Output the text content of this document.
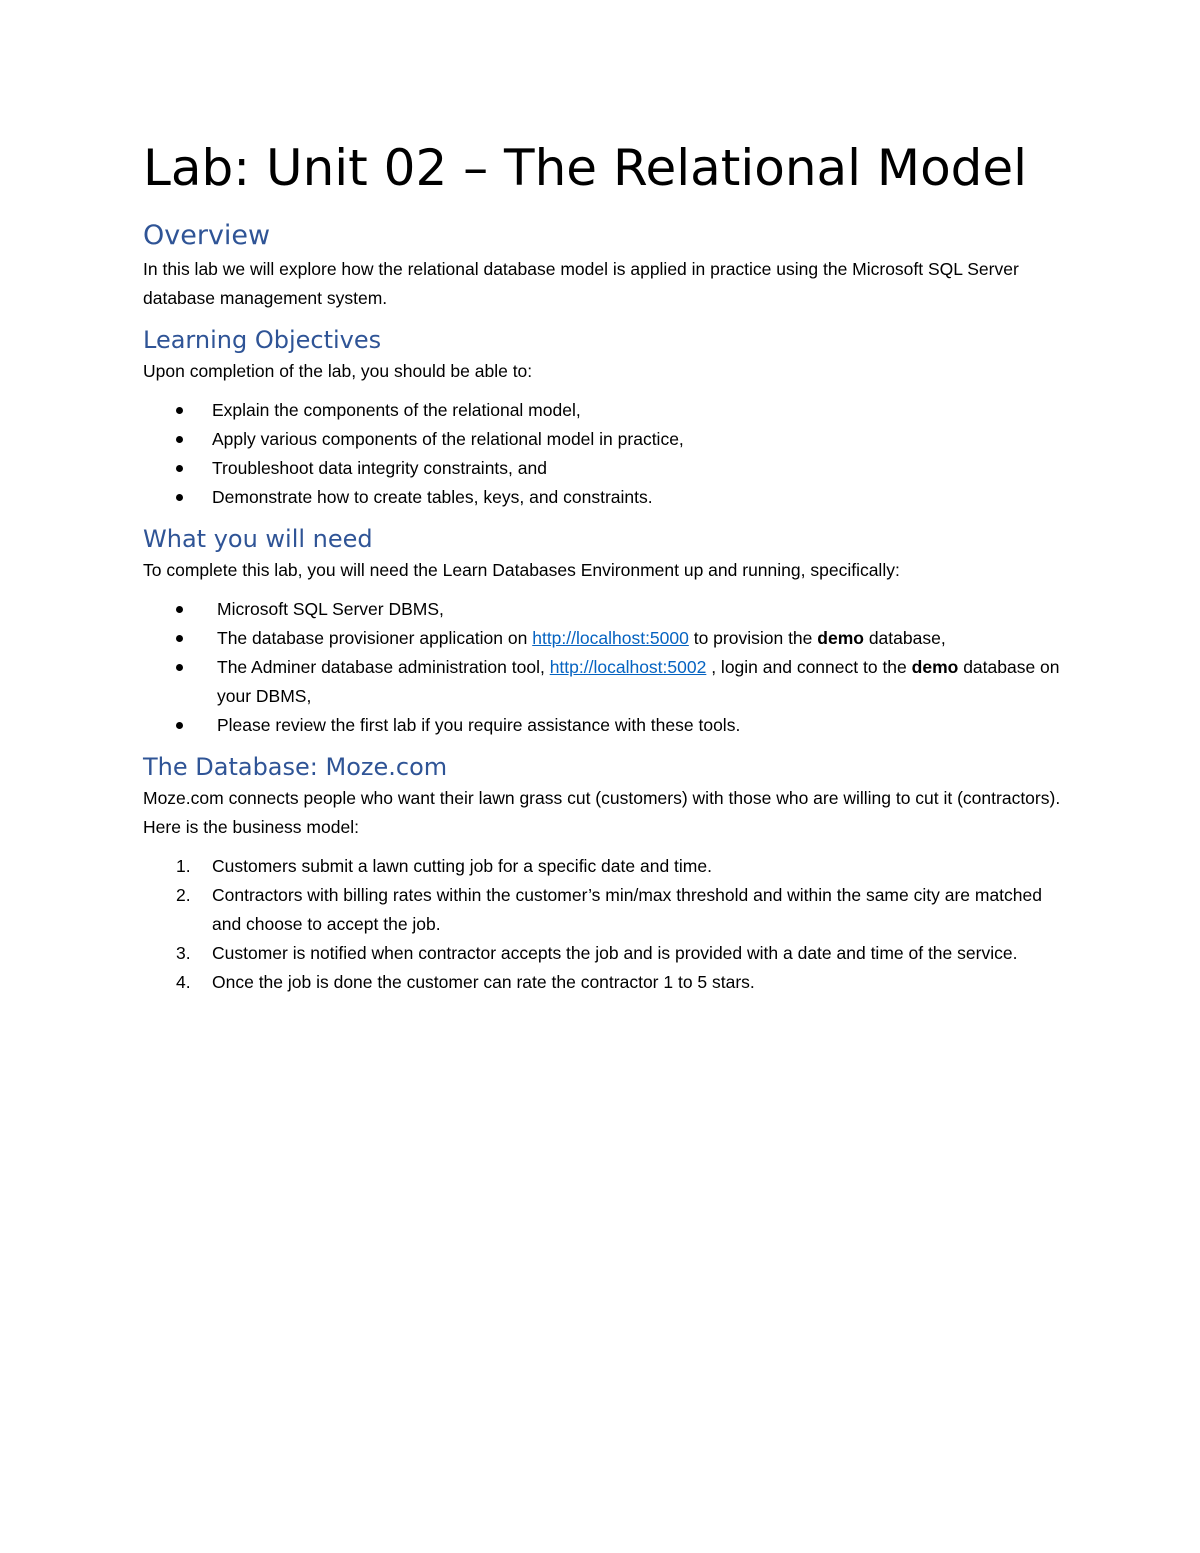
Lab: Unit 02 – The Relational Model
Overview

In this lab we will explore how the relational database model is applied in practice using the Microsoft SQL Server database management system.

Learning Objectives

Upon completion of the lab, you should be able to:

Explain the components of the relational model,
Apply various components of the relational model in practice,
Troubleshoot data integrity constraints, and
Demonstrate how to create tables, keys, and constraints.
What you will need

To complete this lab, you will need the Learn Databases Environment up and running, specifically:

Microsoft SQL Server DBMS,
The database provisioner application on http://localhost:5000 to provision the demo database,
The Adminer database administration tool, http://localhost:5002 , login and connect to the demo database on your DBMS,
Please review the first lab if you require assistance with these tools.
The Database: Moze.com

Moze.com connects people who want their lawn grass cut (customers) with those who are willing to cut it (contractors). Here is the business model:

1. Customers submit a lawn cutting job for a specific date and time.
2. Contractors with billing rates within the customer’s min/max threshold and within the same city are matched and choose to accept the job.
3. Customer is notified when contractor accepts the job and is provided with a date and time of the service.
4. Once the job is done the customer can rate the contractor 1 to 5 stars.
